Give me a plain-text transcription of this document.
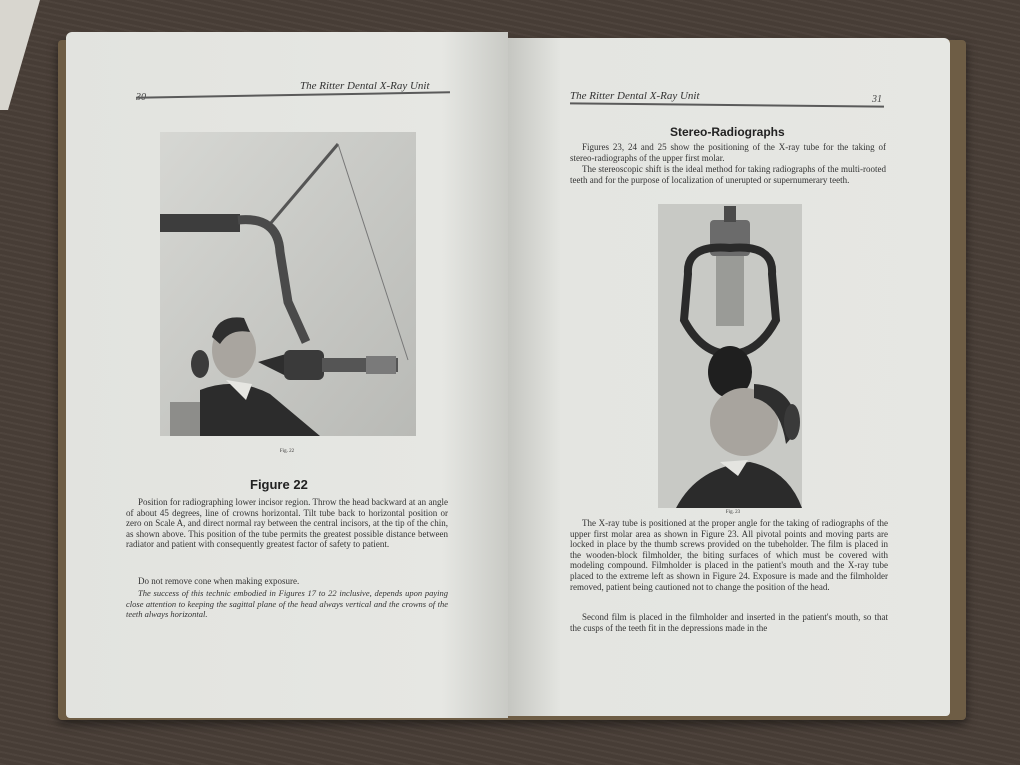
The Ritter Dental X-Ray Unit
Fig. 22
Figure 22

Position for radiographing lower incisor region. Throw the head backward at an angle of about 45 degrees, line of crowns horizontal. Tilt tube back to horizontal position or zero on Scale A, and direct normal ray between the central incisors, at the tip of the chin, as shown above. This position of the tube permits the greatest possible distance between radiator and patient with consequently greatest factor of safety to patient.

Do not remove cone when making exposure.

The success of this technic embodied in Figures 17 to 22 inclusive, depends upon paying close attention to keeping the sagittal plane of the head always vertical and the crowns of the teeth always horizontal.

The Ritter Dental X-Ray Unit	31
Stereo-Radiographs

Figures 23, 24 and 25 show the positioning of the X-ray tube for the taking of stereo-radiographs of the upper first molar.

The stereoscopic shift is the ideal method for taking radiographs of the multi-rooted teeth and for the purpose of localization of unerupted or supernumerary teeth.

Fig. 23

The X-ray tube is positioned at the proper angle for the taking of radiographs of the upper first molar area as shown in Figure 23. All pivotal points and moving parts are locked in place by the thumb screws provided on the tubeholder. The film is placed in the wooden-block filmholder, the biting surfaces of which must be covered with modeling compound. Filmholder is placed in the patient's mouth and the X-ray tube placed to the extreme left as shown in Figure 24. Exposure is made and the filmholder removed, patient being cautioned not to change the position of the head.

Second film is placed in the filmholder and inserted in the patient's mouth, so that the cusps of the teeth fit in the depressions made in the
